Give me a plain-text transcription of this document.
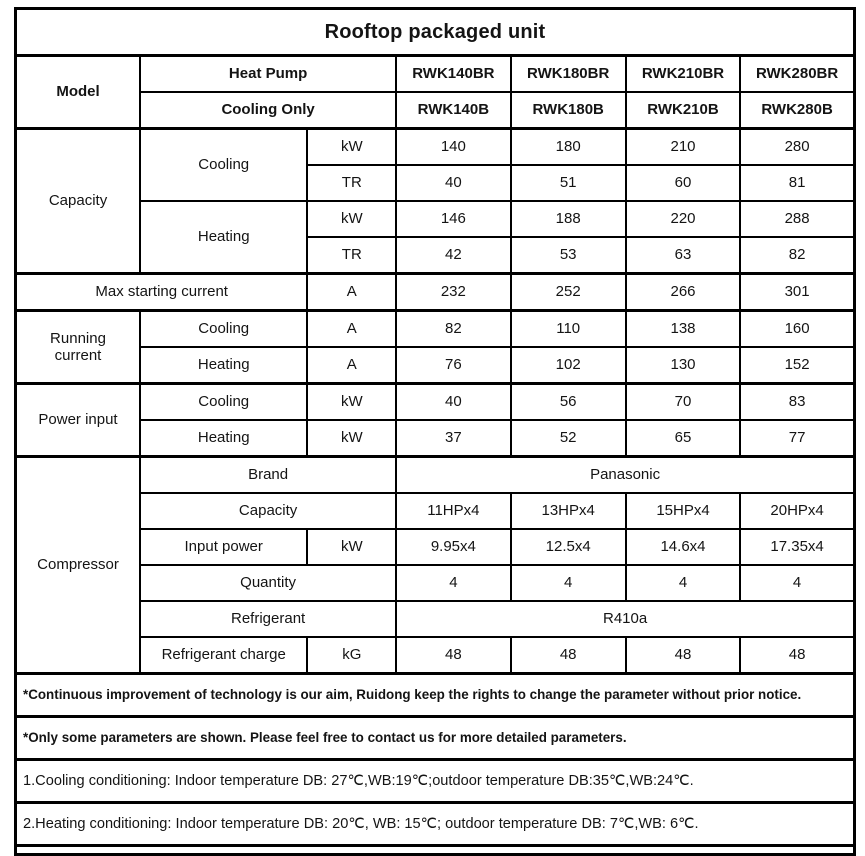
Rooftop packaged unit						
Model	Heat Pump		RWK140BR	RWK180BR	RWK210BR	RWK280BR
	Cooling Only		RWK140B	RWK180B	RWK210B	RWK280B
Capacity	Cooling	kW	140	180	210	280
		TR	40	51	60	81
	Heating	kW	146	188	220	288
		TR	42	53	63	82
Max starting current		A	232	252	266	301
Running current	Cooling	A	82	110	138	160
	Heating	A	76	102	130	152
Power input	Cooling	kW	40	56	70	83
	Heating	kW	37	52	65	77
Compressor	Brand		Panasonic			
	Capacity		11HPx4	13HPx4	15HPx4	20HPx4
	Input power	kW	9.95x4	12.5x4	14.6x4	17.35x4
	Quantity		4	4	4	4
	Refrigerant		R410a			
	Refrigerant charge	kG	48	48	48	48
*Continuous improvement of technology is our aim, Ruidong keep the rights to change the parameter without prior notice.						
*Only some parameters are shown. Please feel free to contact us for more detailed parameters.						
1.Cooling conditioning: Indoor temperature DB: 27℃,WB:19℃;outdoor temperature DB:35℃,WB:24℃.						
2.Heating conditioning: Indoor temperature DB: 20℃, WB: 15℃; outdoor temperature DB: 7℃,WB: 6℃.						
